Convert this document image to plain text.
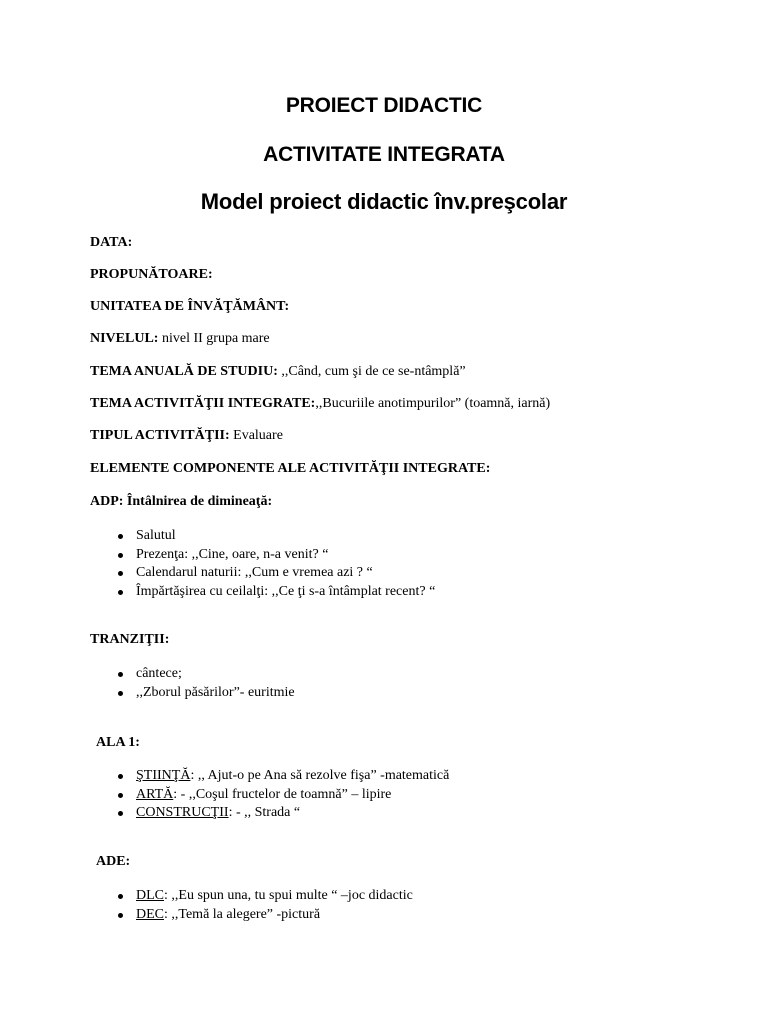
PROIECT DIDACTIC
ACTIVITATE INTEGRATA
Model proiect didactic înv.preşcolar
DATA:
PROPUNĂTOARE:
UNITATEA DE ÎNVĂŢĂMÂNT:
NIVELUL: nivel II grupa mare
TEMA ANUALĂ DE STUDIU: ,,Când, cum şi de ce se-ntâmplă”
TEMA ACTIVITĂŢII INTEGRATE:,,Bucuriile anotimpurilor” (toamnă, iarnă)
TIPUL ACTIVITĂŢII: Evaluare
ELEMENTE COMPONENTE ALE ACTIVITĂŢII INTEGRATE:
ADP: Întâlnirea de dimineaţă:
Salutul
Prezenţa: ,,Cine, oare, n-a venit? “
Calendarul naturii: ,,Cum e vremea azi ? “
Împărtăşirea cu ceilalţi: ,,Ce ţi s-a întâmplat recent? “
TRANZIŢII:
cântece;
,,Zborul păsărilor”- euritmie
ALA 1:
ŞTIINŢĂ: ,, Ajut-o pe Ana să rezolve fişa” -matematică
ARTĂ: - ,,Coşul fructelor de toamnă” – lipire
CONSTRUCŢII: - ,, Strada “
ADE:
DLC: ,,Eu spun una, tu spui multe “ –joc didactic
DEC: ,,Temă la alegere” -pictură
